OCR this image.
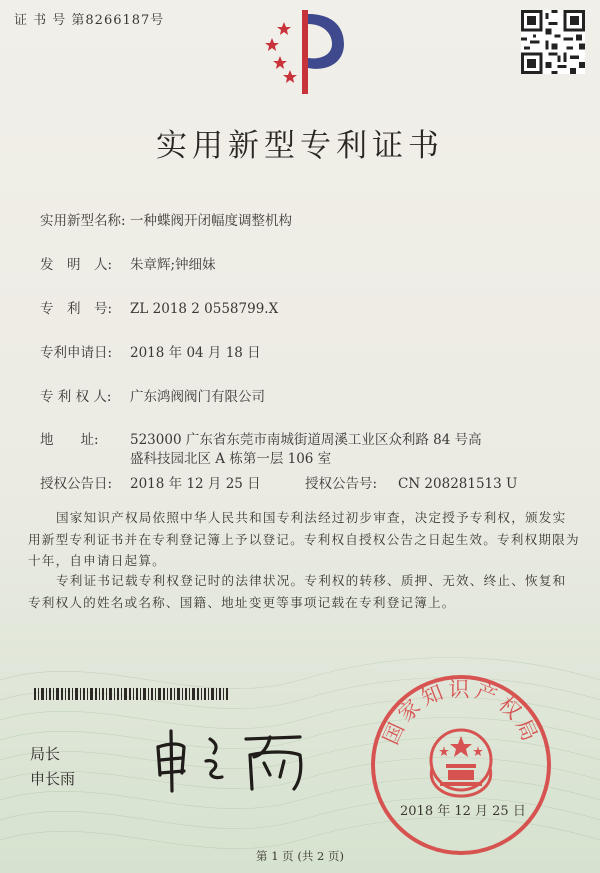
证 书 号 第8266187号
实用新型专利证书
实用新型名称: 一种蝶阀开闭幅度调整机构
发　明　人: 朱章辉;钟细妹
专　利　号: ZL 2018 2 0558799.X
专利申请日: 2018 年 04 月 18 日
专 利 权 人: 广东鸿阀阀门有限公司
地　　址: 523000 广东省东莞市南城街道周溪工业区众利路 84 号高
盛科技园北区 A 栋第一层 106 室
授权公告日: 2018 年 12 月 25 日	授权公告号: CN 208281513 U
国家知识产权局依照中华人民共和国专利法经过初步审查，决定授予专利权，颁发实用新型专利证书并在专利登记簿上予以登记。专利权自授权公告之日起生效。专利权期限为十年，自申请日起算。
专利证书记载专利权登记时的法律状况。专利权的转移、质押、无效、终止、恢复和专利权人的姓名或名称、国籍、地址变更等事项记载在专利登记簿上。
局长
申长雨
国家知识产权局
2018 年 12 月 25 日
第 1 页 (共 2 页)
